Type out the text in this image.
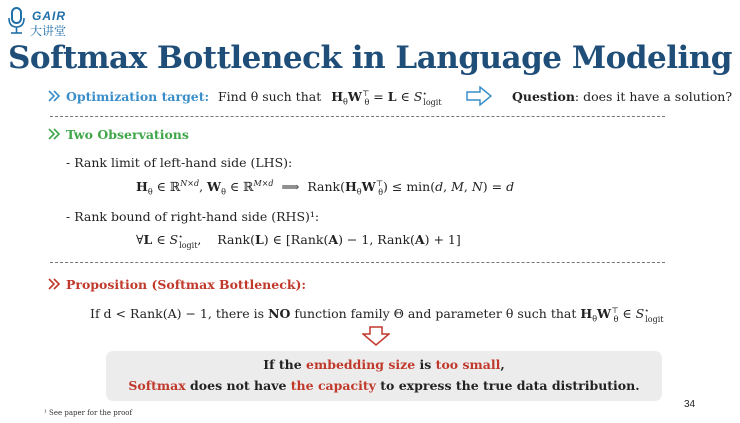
GAIR
大讲堂
Softmax Bottleneck in Language Modeling
Optimization target: Find θ such that $H_\theta W^⊤_\theta = L$ ∈ $S^⋆_{logit}$	Question: does it have a solution?
Two Observations
- Rank limit of left-hand side (LHS):
$H_\theta$ ∈ ℝ$^{N\times d}$, $W_\theta$ ∈ ℝ$^{M\times d}$  ⟹  $Rank(H_\theta W^⊤_\theta) \le \min(d$, M, N) = d
- Rank bound of right-hand side (RHS)¹:
∀L ∈ $S^⋆_{logit}$,    Rank(L) ∈ [Rank(A) − 1, Rank(A) + 1]
Proposition (Softmax Bottleneck):
If d < Rank(A) − 1, there is NO function family Θ and parameter θ such that $H_\theta W^⊤_\theta$ ∈ $S^⋆_{logit}$
If the embedding size is too small,
Softmax does not have the capacity to express the true data distribution.
34
¹ See paper for the proof
